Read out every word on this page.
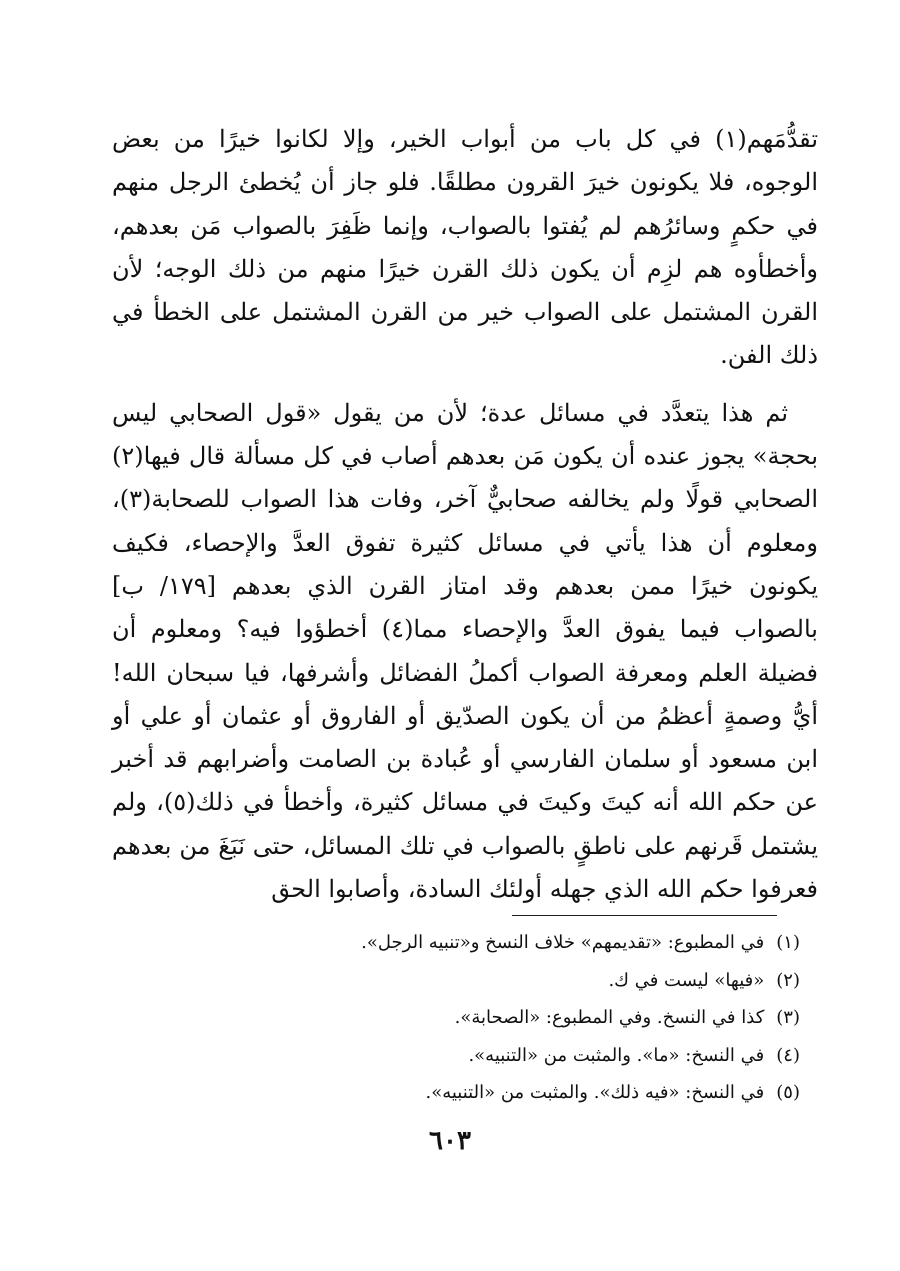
تقدُّمَهم(١) في كل باب من أبواب الخير، وإلا لكانوا خيرًا من بعض الوجوه، فلا يكونون خيرَ القرون مطلقًا. فلو جاز أن يُخطئ الرجل منهم في حكمٍ وسائرُهم لم يُفتوا بالصواب، وإنما ظَفِرَ بالصواب مَن بعدهم، وأخطأوه هم لزِم أن يكون ذلك القرن خيرًا منهم من ذلك الوجه؛ لأن القرن المشتمل على الصواب خير من القرن المشتمل على الخطأ في ذلك الفن.

ثم هذا يتعدَّد في مسائل عدة؛ لأن من يقول «قول الصحابي ليس بحجة» يجوز عنده أن يكون مَن بعدهم أصاب في كل مسألة قال فيها(٢) الصحابي قولًا ولم يخالفه صحابيٌّ آخر، وفات هذا الصواب للصحابة(٣)، ومعلوم أن هذا يأتي في مسائل كثيرة تفوق العدَّ والإحصاء، فكيف يكونون خيرًا ممن بعدهم وقد امتاز القرن الذي بعدهم [١٧٩/ ب] بالصواب فيما يفوق العدَّ والإحصاء مما(٤) أخطؤوا فيه؟ ومعلوم أن فضيلة العلم ومعرفة الصواب أكملُ الفضائل وأشرفها، فيا سبحان الله! أيُّ وصمةٍ أعظمُ من أن يكون الصدّيق أو الفاروق أو عثمان أو علي أو ابن مسعود أو سلمان الفارسي أو عُبادة بن الصامت وأضرابهم قد أخبر عن حكم الله أنه كيتَ وكيتَ في مسائل كثيرة، وأخطأ في ذلك(٥)، ولم يشتمل قَرنهم على ناطقٍ بالصواب في تلك المسائل، حتى نَبَغَ من بعدهم فعرفوا حكم الله الذي جهله أولئك السادة، وأصابوا الحق

(١)في المطبوع: «تقديمهم» خلاف النسخ و«تنبيه الرجل».
(٢)«فيها» ليست في ك.
(٣)كذا في النسخ. وفي المطبوع: «الصحابة».
(٤)في النسخ: «ما». والمثبت من «التنبيه».
(٥)في النسخ: «فيه ذلك». والمثبت من «التنبيه».
٦٠٣
